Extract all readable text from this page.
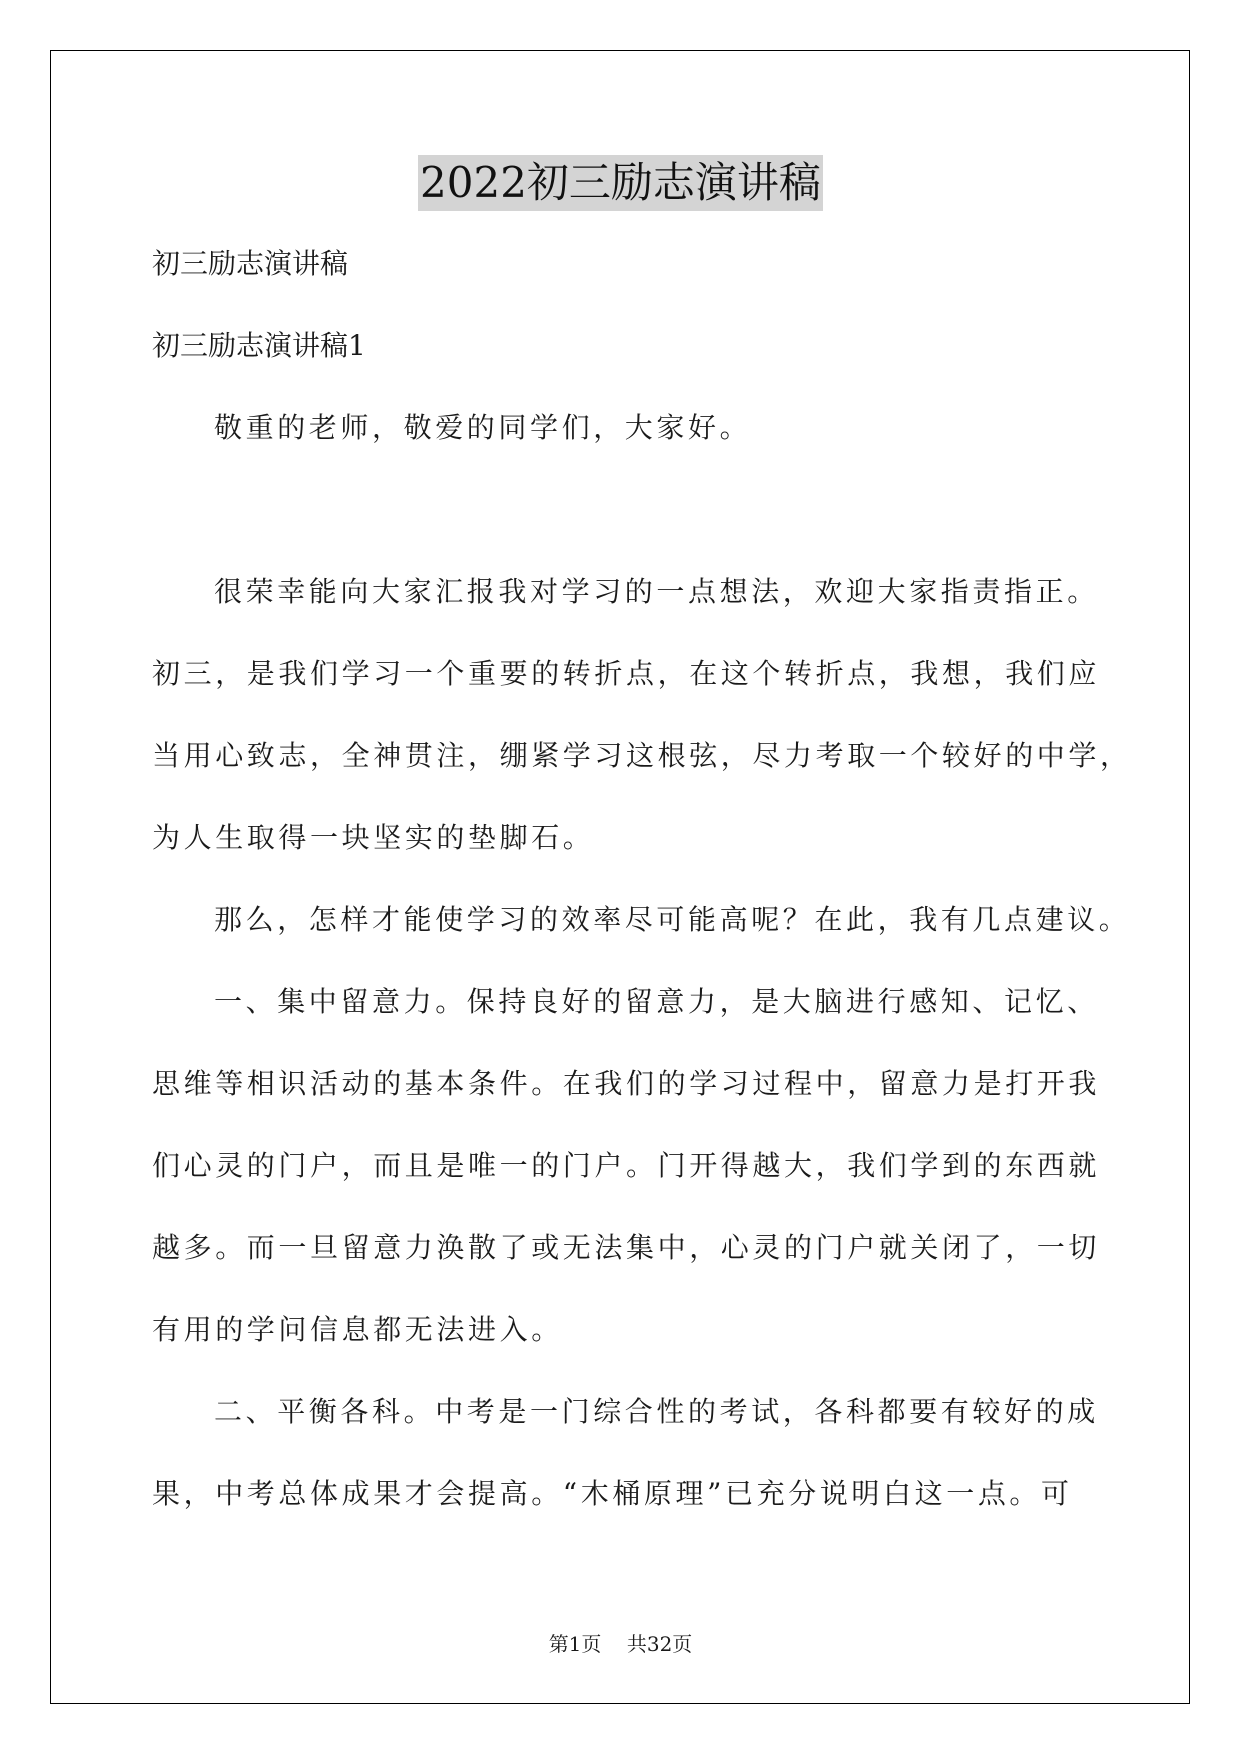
2022初三励志演讲稿
初三励志演讲稿
初三励志演讲稿1
敬重的老师，敬爱的同学们，大家好。
很荣幸能向大家汇报我对学习的一点想法，欢迎大家指责指正。
初三，是我们学习一个重要的转折点，在这个转折点，我想，我们应
当用心致志，全神贯注，绷紧学习这根弦，尽力考取一个较好的中学，
为人生取得一块坚实的垫脚石。
那么，怎样才能使学习的效率尽可能高呢？在此，我有几点建议。
一、集中留意力。保持良好的留意力，是大脑进行感知、记忆、
思维等相识活动的基本条件。在我们的学习过程中，留意力是打开我
们心灵的门户，而且是唯一的门户。门开得越大，我们学到的东西就
越多。而一旦留意力涣散了或无法集中，心灵的门户就关闭了，一切
有用的学问信息都无法进入。
二、平衡各科。中考是一门综合性的考试，各科都要有较好的成
果，中考总体成果才会提高。“木桶原理”已充分说明白这一点。可
第1页 共32页
